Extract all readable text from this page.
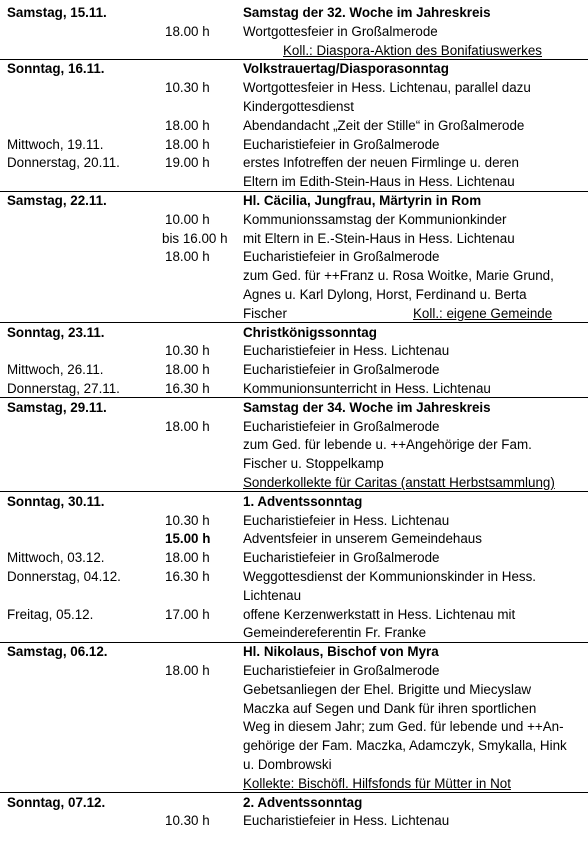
Samstag, 15.11.	Samstag der 32. Woche im Jahreskreis
18.00 h Wortgottesfeier in Großalmerode
Koll.: Diaspora-Aktion des Bonifatiuswerkes
Sonntag, 16.11.	Volkstrauertag/Diasporasonntag
10.30 h Wortgottesfeier in Hess. Lichtenau, parallel dazu
Kindergottesdienst
18.00 h Abendandacht „Zeit der Stille“ in Großalmerode
Mittwoch, 19.11.	18.00 h Eucharistiefeier in Großalmerode
Donnerstag, 20.11.	19.00 h erstes Infotreffen der neuen Firmlinge u. deren
Eltern im Edith-Stein-Haus in Hess. Lichtenau
Samstag, 22.11.	Hl. Cäcilia, Jungfrau, Märtyrin in Rom
10.00 h Kommunionssamstag der Kommunionkinder
bis 16.00 h mit Eltern in E.-Stein-Haus in Hess. Lichtenau
18.00 h Eucharistiefeier in Großalmerode
zum Ged. für ++Franz u. Rosa Woitke, Marie Grund,
Agnes u. Karl Dylong, Horst, Ferdinand u. Berta
Fischer	Koll.: eigene Gemeinde
Sonntag, 23.11.	Christkönigssonntag
10.30 h Eucharistiefeier in Hess. Lichtenau
Mittwoch, 26.11.	18.00 h Eucharistiefeier in Großalmerode
Donnerstag, 27.11.	16.30 h Kommunionsunterricht in Hess. Lichtenau
Samstag, 29.11.	Samstag der 34. Woche im Jahreskreis
18.00 h Eucharistiefeier in Großalmerode
zum Ged. für lebende u. ++Angehörige der Fam.
Fischer u. Stoppelkamp
Sonderkollekte für Caritas (anstatt Herbstsammlung)
Sonntag, 30.11.	1. Adventssonntag
10.30 h Eucharistiefeier in Hess. Lichtenau
15.00 h Adventsfeier in unserem Gemeindehaus
Mittwoch, 03.12.	18.00 h Eucharistiefeier in Großalmerode
Donnerstag, 04.12.	16.30 h Weggottesdienst der Kommunionskinder in Hess.
Lichtenau
Freitag, 05.12.	17.00 h offene Kerzenwerkstatt in Hess. Lichtenau mit
Gemeindereferentin Fr. Franke
Samstag, 06.12.	Hl. Nikolaus, Bischof von Myra
18.00 h Eucharistiefeier in Großalmerode
Gebetsanliegen der Ehel. Brigitte und Miecyslaw
Maczka auf Segen und Dank für ihren sportlichen
Weg in diesem Jahr; zum Ged. für lebende und ++An-
gehörige der Fam. Maczka, Adamczyk, Smykalla, Hink
u. Dombrowski
Kollekte: Bischöfl. Hilfsfonds für Mütter in Not
Sonntag, 07.12.	2. Adventssonntag
10.30 h Eucharistiefeier in Hess. Lichtenau
